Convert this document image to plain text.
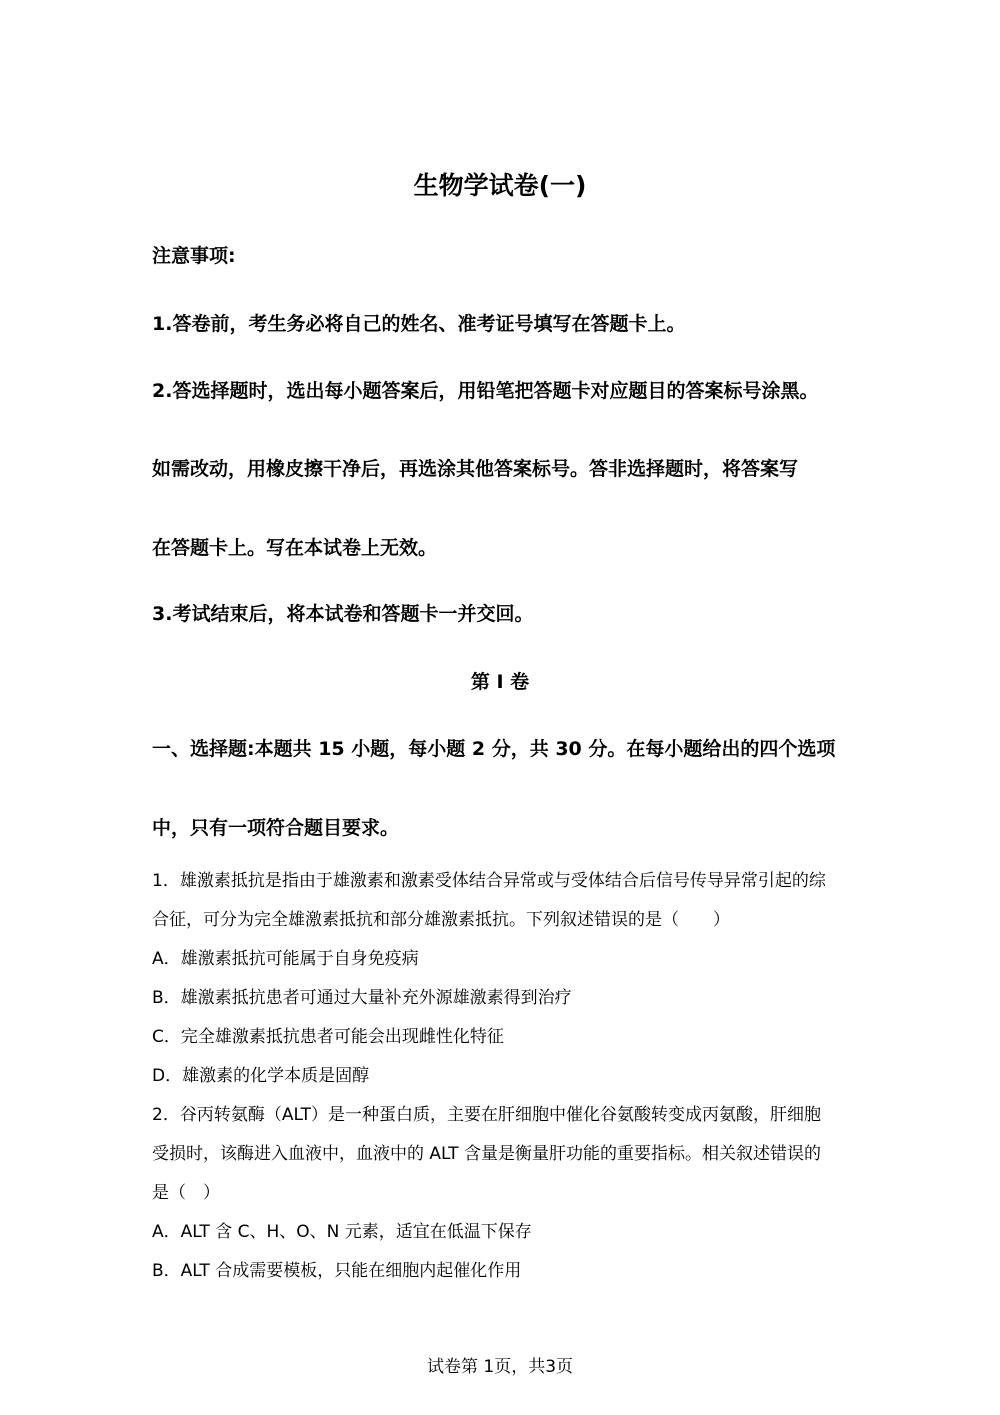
生物学试卷(一)
注意事项:
1.答卷前，考生务必将自己的姓名、准考证号填写在答题卡上。
2.答选择题时，选出每小题答案后，用铅笔把答题卡对应题目的答案标号涂黑。
如需改动，用橡皮擦干净后，再选涂其他答案标号。答非选择题时，将答案写
在答题卡上。写在本试卷上无效。
3.考试结束后，将本试卷和答题卡一并交回。
第 I 卷
一、选择题:本题共 15 小题，每小题 2 分，共 30 分。在每小题给出的四个选项
中，只有一项符合题目要求。
1．雄激素抵抗是指由于雄激素和激素受体结合异常或与受体结合后信号传导异常引起的综
合征，可分为完全雄激素抵抗和部分雄激素抵抗。下列叙述错误的是（　　）
A．雄激素抵抗可能属于自身免疫病
B．雄激素抵抗患者可通过大量补充外源雄激素得到治疗
C．完全雄激素抵抗患者可能会出现雌性化特征
D．雄激素的化学本质是固醇
2．谷丙转氨酶（ALT）是一种蛋白质，主要在肝细胞中催化谷氨酸转变成丙氨酸，肝细胞
受损时，该酶进入血液中，血液中的 ALT 含量是衡量肝功能的重要指标。相关叙述错误的
是（　）
A．ALT 含 C、H、O、N 元素，适宜在低温下保存
B．ALT 合成需要模板，只能在细胞内起催化作用
试卷第 1页，共3页
